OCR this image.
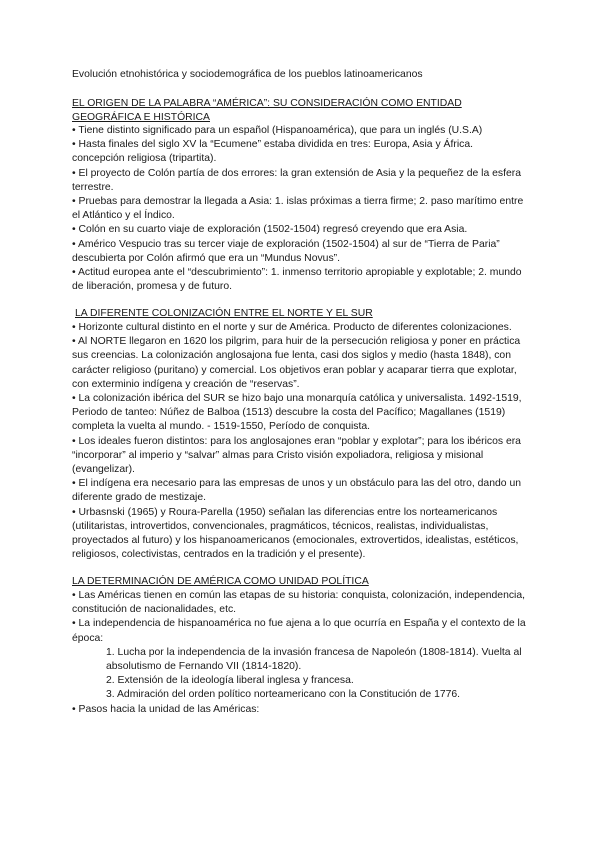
Evolución etnohistórica y sociodemográfica de los pueblos latinoamericanos

EL ORIGEN DE LA PALABRA “AMÉRICA”: SU CONSIDERACIÓN COMO ENTIDAD GEOGRÁFICA E HISTÓRICA

• Tiene distinto significado para un español (Hispanoamérica), que para un inglés (U.S.A)
• Hasta finales del siglo XV la “Ecumene” estaba dividida en tres: Europa, Asia y África. concepción religiosa (tripartita).
• El proyecto de Colón partía de dos errores: la gran extensión de Asia y la pequeñez de la esfera terrestre.
• Pruebas para demostrar la llegada a Asia: 1. islas próximas a tierra firme; 2. paso marítimo entre el Atlántico y el Índico.
• Colón en su cuarto viaje de exploración (1502-1504) regresó creyendo que era Asia.
• Américo Vespucio tras su tercer viaje de exploración (1502-1504) al sur de “Tierra de Paria” descubierta por Colón afirmó que era un “Mundus Novus”.
• Actitud europea ante el “descubrimiento”: 1. inmenso territorio apropiable y explotable; 2. mundo de liberación, promesa y de futuro.

LA DIFERENTE COLONIZACIÓN ENTRE EL NORTE Y EL SUR

• Horizonte cultural distinto en el norte y sur de América. Producto de diferentes colonizaciones.
• Al NORTE llegaron en 1620 los pilgrim, para huir de la persecución religiosa y poner en práctica sus creencias. La colonización anglosajona fue lenta, casi dos siglos y medio (hasta 1848), con carácter religioso (puritano) y comercial. Los objetivos eran poblar y acaparar tierra que explotar, con exterminio indígena y creación de “reservas”.
• La colonización ibérica del SUR se hizo bajo una monarquía católica y universalista. 1492-1519, Periodo de tanteo: Núñez de Balboa (1513) descubre la costa del Pacífico; Magallanes (1519) completa la vuelta al mundo. - 1519-1550, Período de conquista.
• Los ideales fueron distintos: para los anglosajones eran “poblar y explotar”; para los ibéricos era “incorporar” al imperio y “salvar” almas para Cristo visión expoliadora, religiosa y misional (evangelizar).
• El indígena era necesario para las empresas de unos y un obstáculo para las del otro, dando un diferente grado de mestizaje.
• Urbasnski (1965) y Roura-Parella (1950) señalan las diferencias entre los norteamericanos (utilitaristas, introvertidos, convencionales, pragmáticos, técnicos, realistas, individualistas, proyectados al futuro) y los hispanoamericanos (emocionales, extrovertidos, idealistas, estéticos, religiosos, colectivistas, centrados en la tradición y el presente).

LA DETERMINACIÓN DE AMÉRICA COMO UNIDAD POLÍTICA

• Las Américas tienen en común las etapas de su historia: conquista, colonización, independencia, constitución de nacionalidades, etc.
• La independencia de hispanoamérica no fue ajena a lo que ocurría en España y el contexto de la época:
1. Lucha por la independencia de la invasión francesa de Napoleón (1808-1814). Vuelta al absolutismo de Fernando VII (1814-1820).
2. Extensión de la ideología liberal inglesa y francesa.
3. Admiración del orden político norteamericano con la Constitución de 1776.
• Pasos hacia la unidad de las Américas:
